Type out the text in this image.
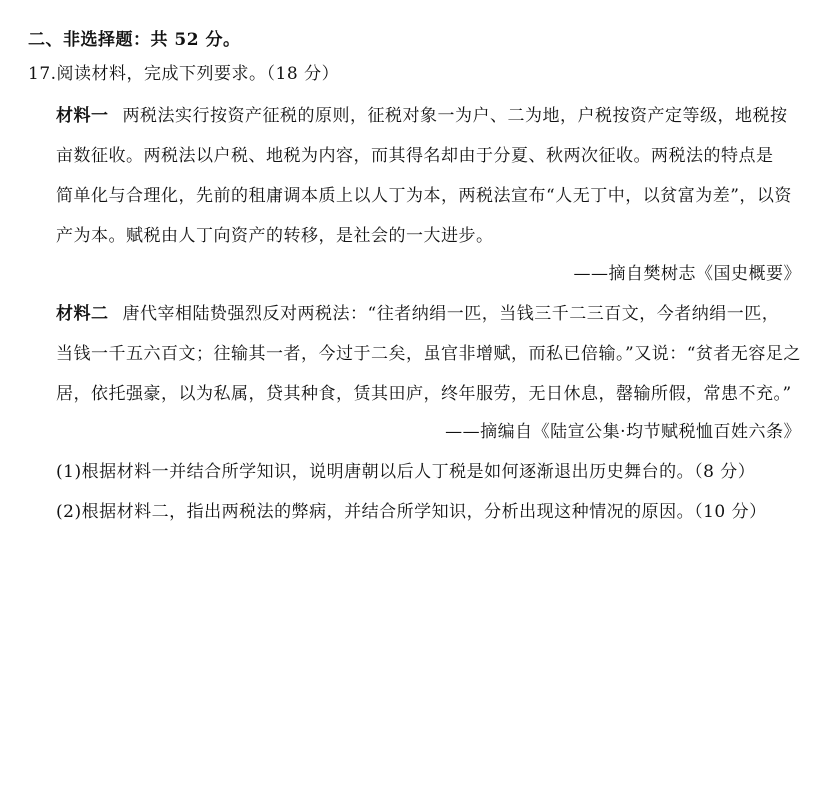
二、非选择题：共 52 分。
17.阅读材料，完成下列要求。（18 分）
材料一 两税法实行按资产征税的原则，征税对象一为户、二为地，户税按资产定等级，地税按
亩数征收。两税法以户税、地税为内容，而其得名却由于分夏、秋两次征收。两税法的特点是
简单化与合理化，先前的租庸调本质上以人丁为本，两税法宣布“人无丁中，以贫富为差”，以资
产为本。赋税由人丁向资产的转移，是社会的一大进步。
——摘自樊树志《国史概要》
材料二 唐代宰相陆贽强烈反对两税法：“往者纳绢一匹，当钱三千二三百文，今者纳绢一匹，
当钱一千五六百文；往输其一者，今过于二矣，虽官非增赋，而私已倍输。”又说：“贫者无容足之
居，依托强豪，以为私属，贷其种食，赁其田庐，终年服劳，无日休息，罄输所假，常患不充。”
——摘编自《陆宣公集·均节赋税恤百姓六条》
(1)根据材料一并结合所学知识，说明唐朝以后人丁税是如何逐渐退出历史舞台的。（8 分）
(2)根据材料二，指出两税法的弊病，并结合所学知识，分析出现这种情况的原因。（10 分）
